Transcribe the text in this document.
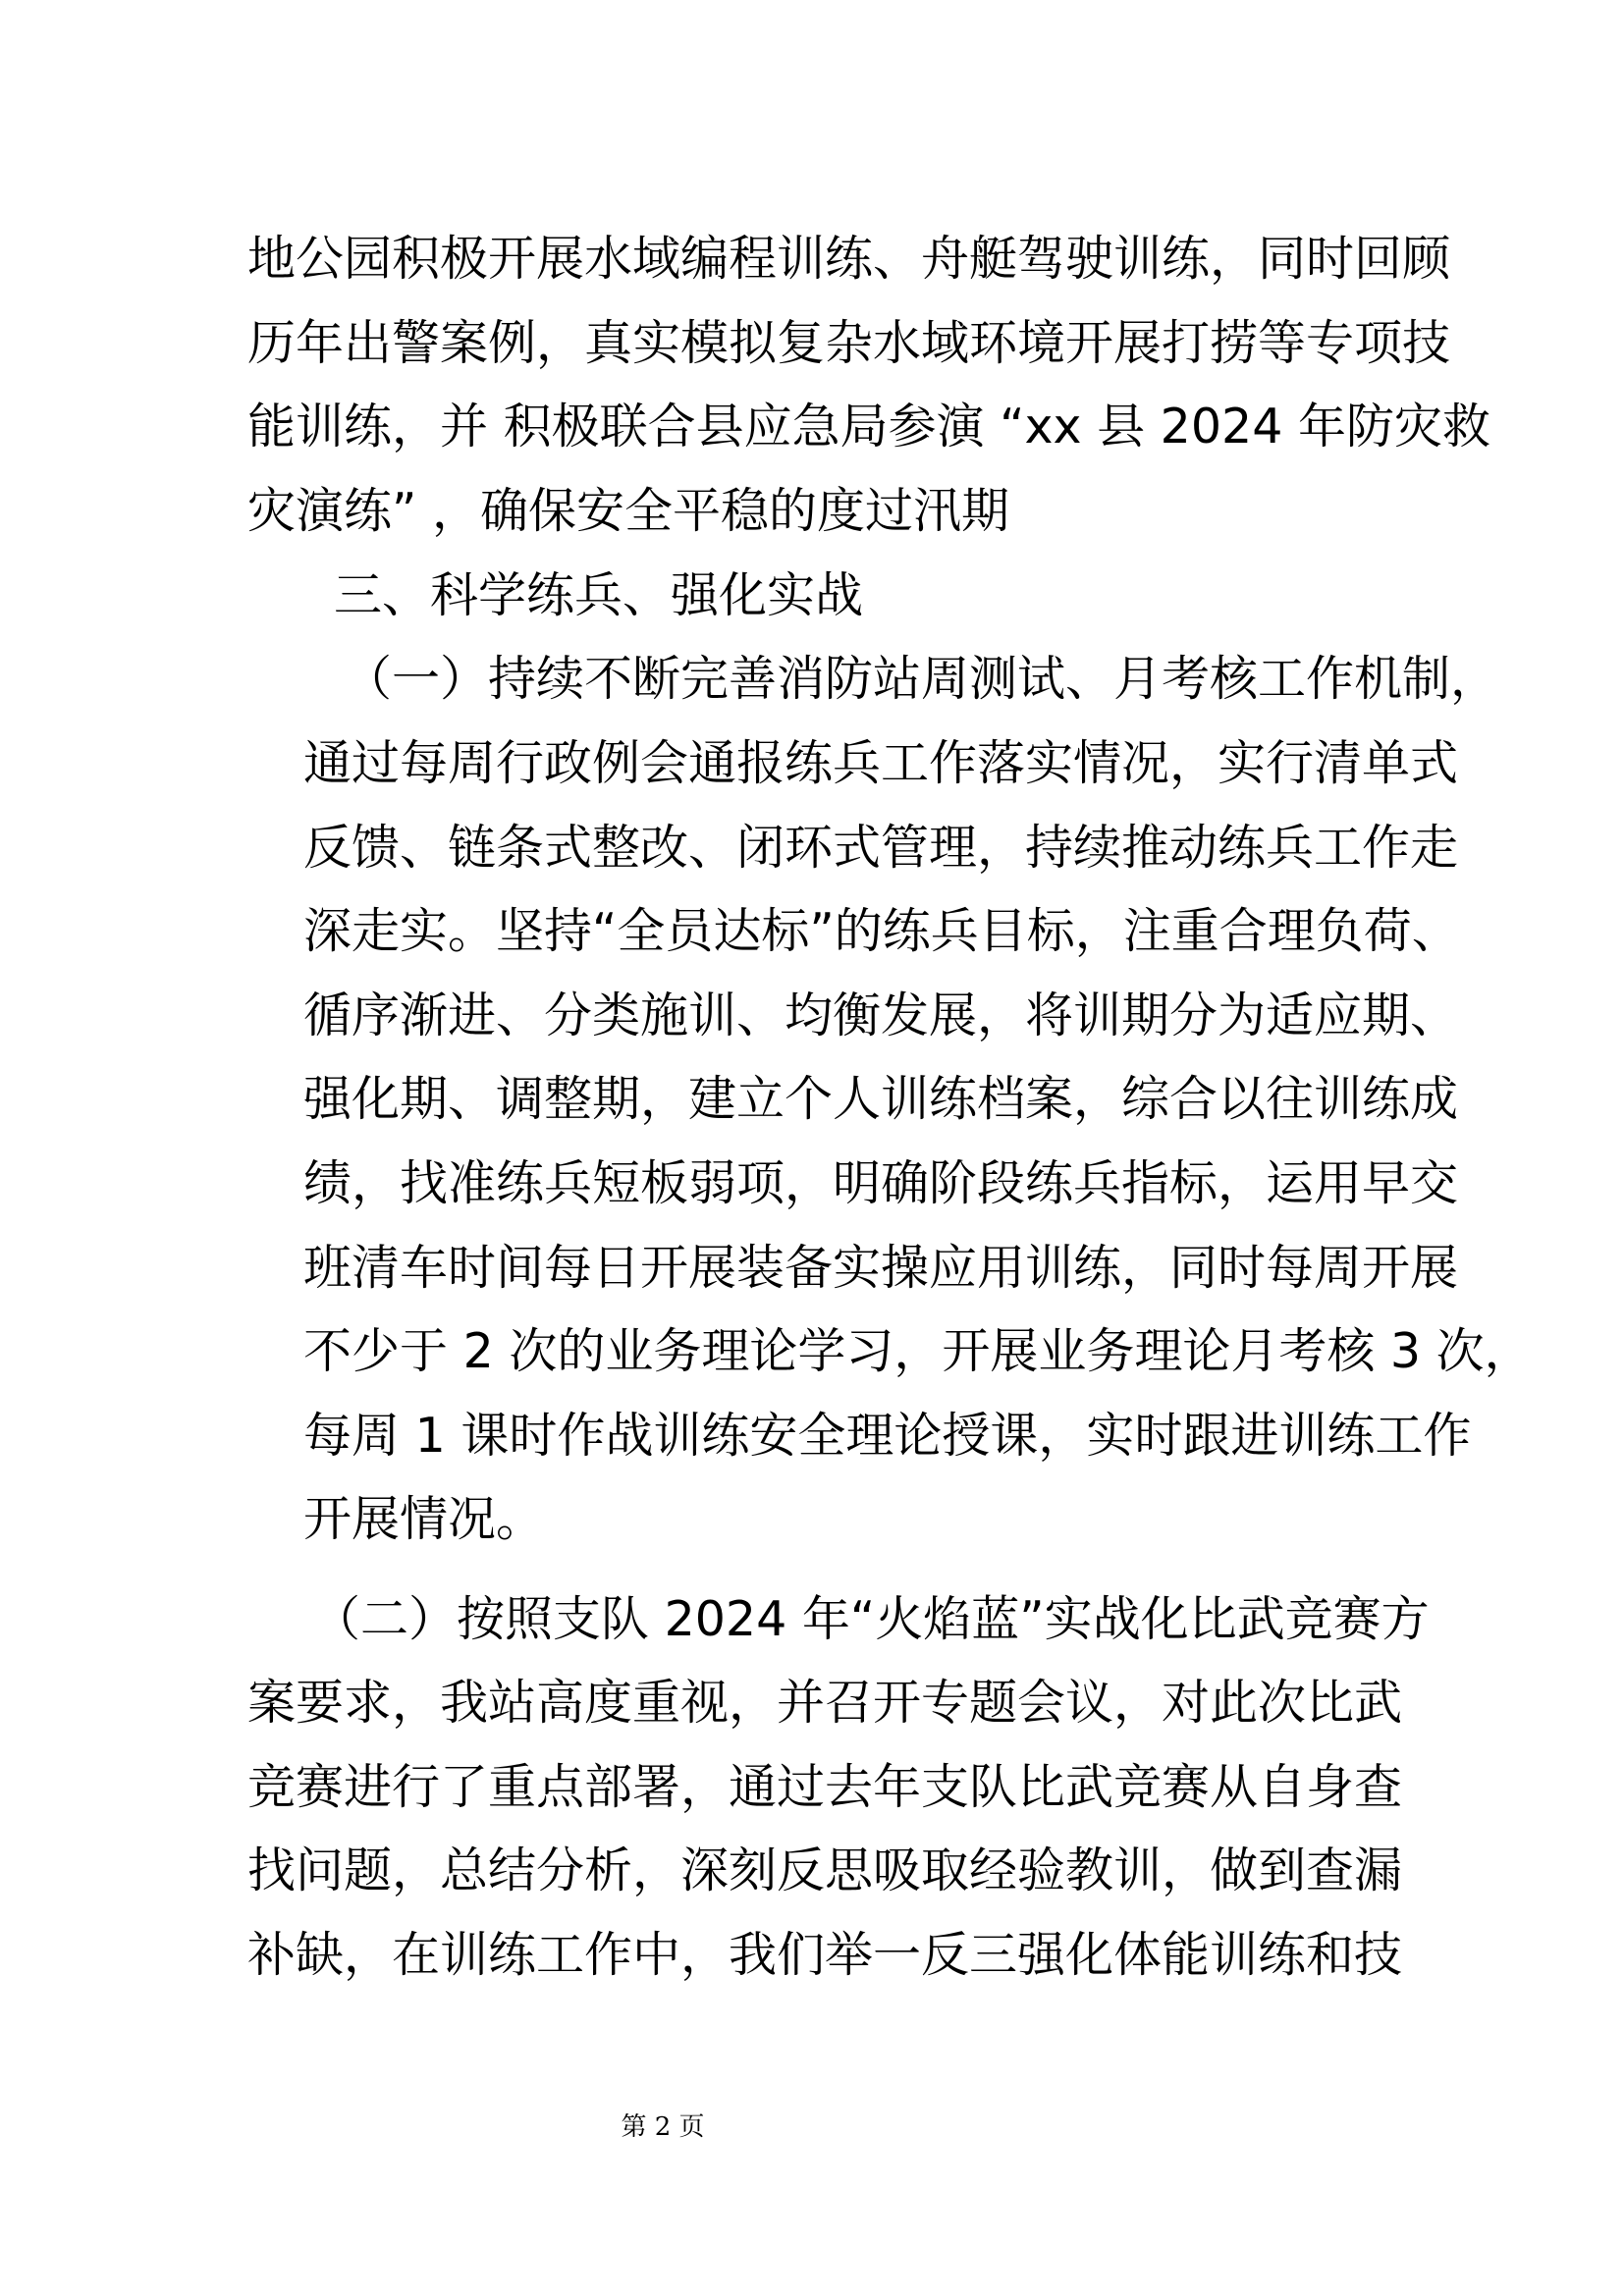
地公园积极开展水域编程训练、舟艇驾驶训练，同时回顾

历年出警案例，真实模拟复杂水域环境开展打捞等专项技

能训练，并 积极联合县应急局参演 “xx 县 2024 年防灾救

灾演练” ，确保安全平稳的度过汛期

三、科学练兵、强化实战

（一）持续不断完善消防站周测试、月考核工作机制，

通过每周行政例会通报练兵工作落实情况，实行清单式

反馈、链条式整改、闭环式管理，持续推动练兵工作走

深走实。坚持“全员达标”的练兵目标，注重合理负荷、

循序渐进、分类施训、均衡发展，将训期分为适应期、

强化期、调整期，建立个人训练档案，综合以往训练成

绩，找准练兵短板弱项，明确阶段练兵指标，运用早交

班清车时间每日开展装备实操应用训练，同时每周开展

不少于 2 次的业务理论学习，开展业务理论月考核 3 次，

每周 1 课时作战训练安全理论授课，实时跟进训练工作

开展情况。

（二）按照支队 2024 年“火焰蓝”实战化比武竞赛方

案要求，我站高度重视，并召开专题会议，对此次比武

竞赛进行了重点部署，通过去年支队比武竞赛从自身查

找问题，总结分析，深刻反思吸取经验教训，做到查漏

补缺，在训练工作中，我们举一反三强化体能训练和技

第 2 页
